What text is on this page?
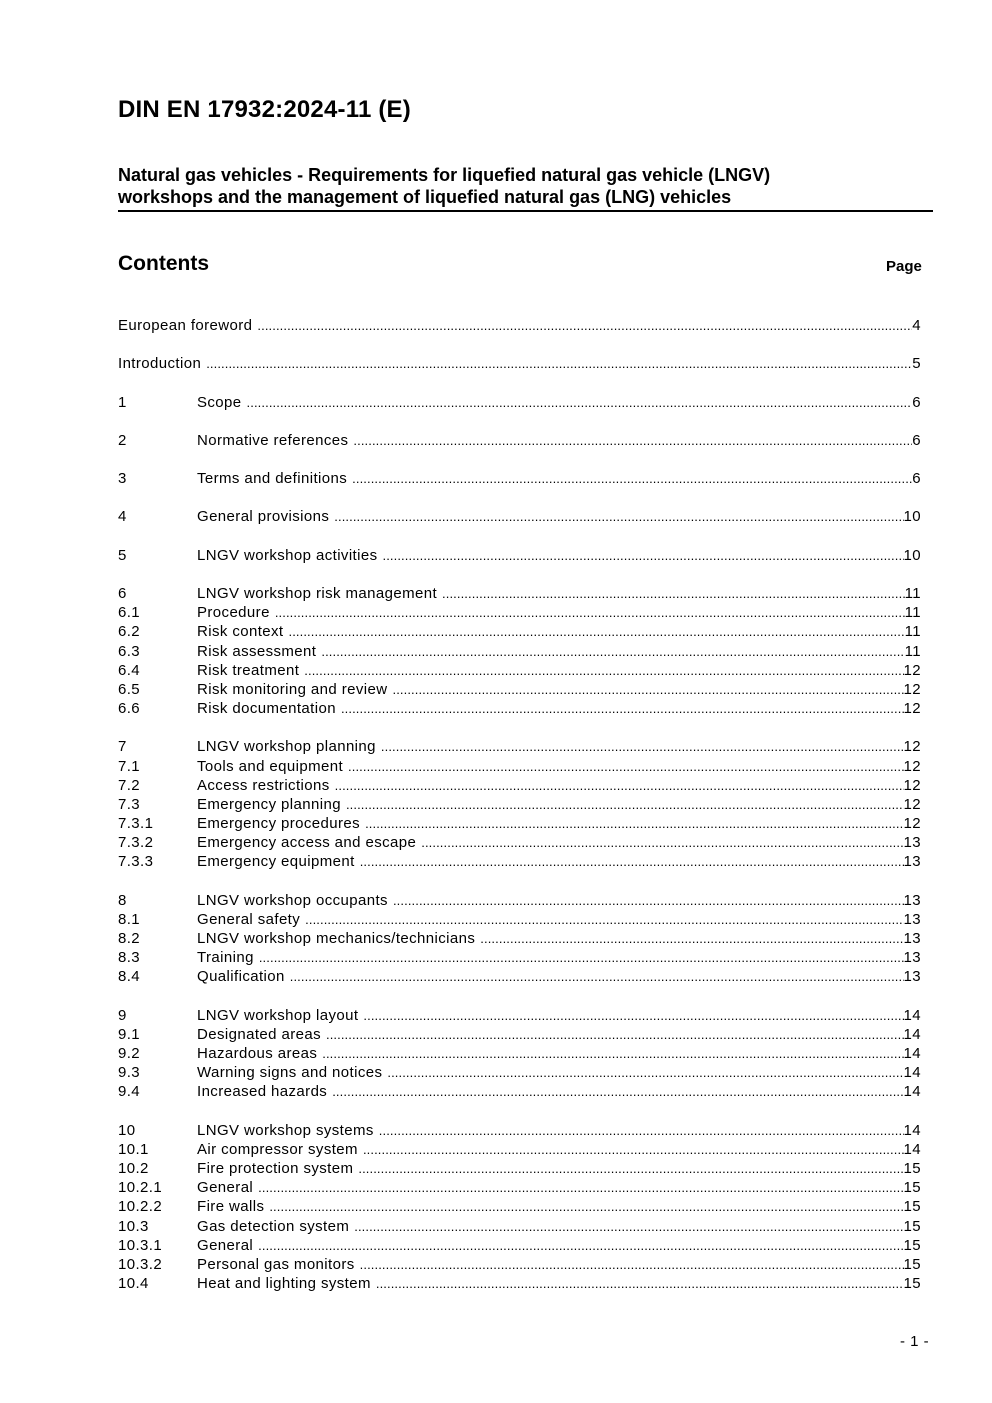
DIN EN 17932:2024-11 (E)
Natural gas vehicles - Requirements for liquefied natural gas vehicle (LNGV)
workshops and the management of liquefied natural gas (LNG) vehicles
Contents	Page
European foreword .....	4
Introduction .....	5
1	Scope .....	6
2	Normative references .....	6
3	Terms and definitions .....	6
4	General provisions .....	10
5	LNGV workshop activities .....	10
6	LNGV workshop risk management .....	11
6.1	Procedure .....	11
6.2	Risk context .....	11
6.3	Risk assessment .....	11
6.4	Risk treatment .....	12
6.5	Risk monitoring and review .....	12
6.6	Risk documentation .....	12
7	LNGV workshop planning .....	12
7.1	Tools and equipment .....	12
7.2	Access restrictions .....	12
7.3	Emergency planning .....	12
7.3.1	Emergency procedures .....	12
7.3.2	Emergency access and escape .....	13
7.3.3	Emergency equipment .....	13
8	LNGV workshop occupants .....	13
8.1	General safety .....	13
8.2	LNGV workshop mechanics/technicians .....	13
8.3	Training .....	13
8.4	Qualification .....	13
9	LNGV workshop layout .....	14
9.1	Designated areas .....	14
9.2	Hazardous areas .....	14
9.3	Warning signs and notices .....	14
9.4	Increased hazards .....	14
10	LNGV workshop systems .....	14
10.1	Air compressor system .....	14
10.2	Fire protection system .....	15
10.2.1 General .....	15
10.2.2 Fire walls .....	15
10.3	Gas detection system .....	15
10.3.1 General .....	15
10.3.2 Personal gas monitors .....	15
10.4	Heat and lighting system .....	15
- 1 -
